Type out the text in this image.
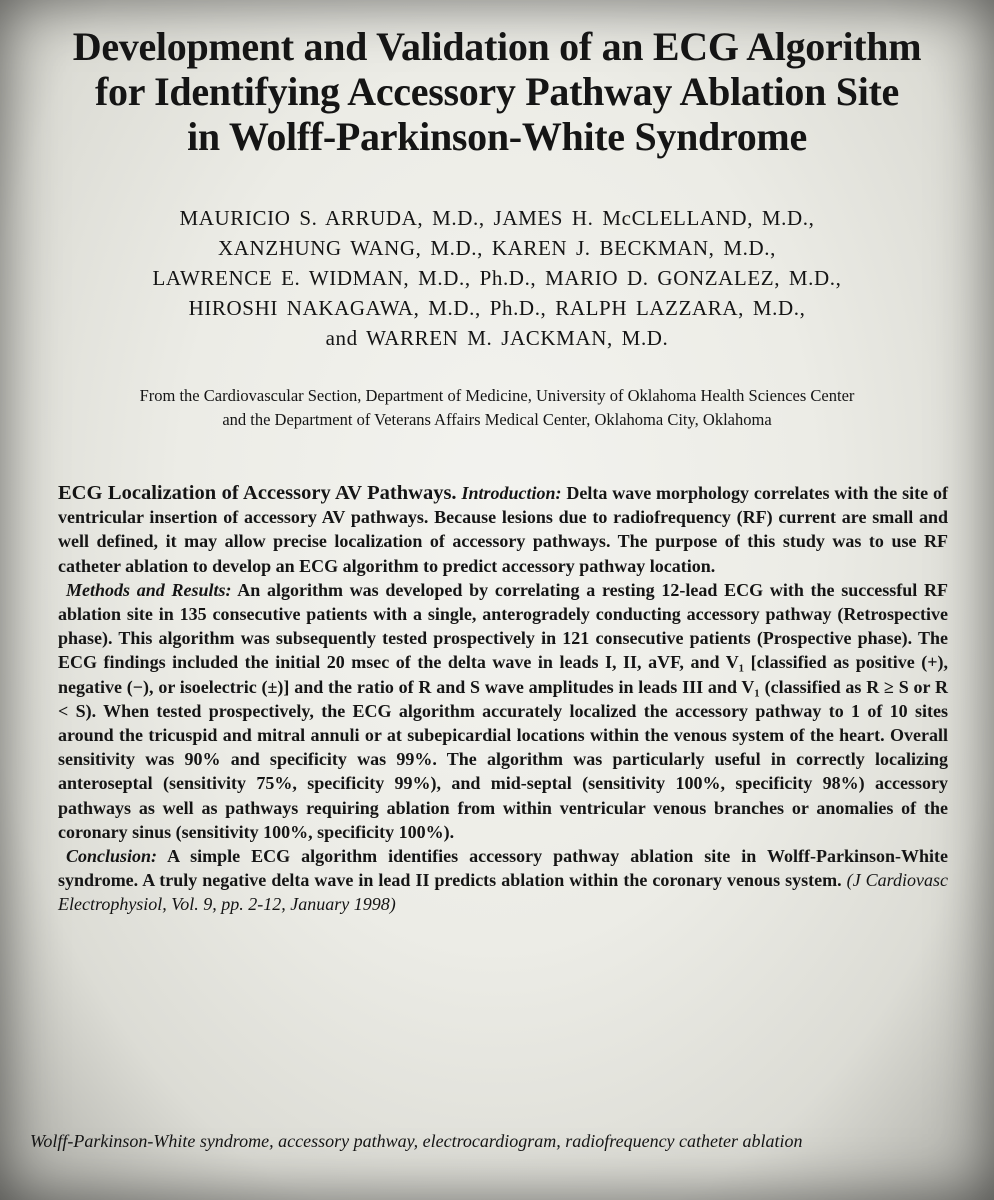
Development and Validation of an ECG Algorithm
for Identifying Accessory Pathway Ablation Site
in Wolff-Parkinson-White Syndrome
MAURICIO S. ARRUDA, M.D., JAMES H. McCLELLAND, M.D.,
XANZHUNG WANG, M.D., KAREN J. BECKMAN, M.D.,
LAWRENCE E. WIDMAN, M.D., Ph.D., MARIO D. GONZALEZ, M.D.,
HIROSHI NAKAGAWA, M.D., Ph.D., RALPH LAZZARA, M.D.,
and WARREN M. JACKMAN, M.D.
From the Cardiovascular Section, Department of Medicine, University of Oklahoma Health Sciences Center
and the Department of Veterans Affairs Medical Center, Oklahoma City, Oklahoma

ECG Localization of Accessory AV Pathways. Introduction: Delta wave morphology correlates with the site of ventricular insertion of accessory AV pathways. Because lesions due to radiofrequency (RF) current are small and well defined, it may allow precise localization of accessory pathways. The purpose of this study was to use RF catheter ablation to develop an ECG algorithm to predict accessory pathway location.

Methods and Results: An algorithm was developed by correlating a resting 12-lead ECG with the successful RF ablation site in 135 consecutive patients with a single, anterogradely conducting accessory pathway (Retrospective phase). This algorithm was subsequently tested prospectively in 121 consecutive patients (Prospective phase). The ECG findings included the initial 20 msec of the delta wave in leads I, II, aVF, and V₁ [classified as positive (+), negative (−), or isoelectric (±)] and the ratio of R and S wave amplitudes in leads III and V₁ (classified as R ≥ S or R < S). When tested prospectively, the ECG algorithm accurately localized the accessory pathway to 1 of 10 sites around the tricuspid and mitral annuli or at subepicardial locations within the venous system of the heart. Overall sensitivity was 90% and specificity was 99%. The algorithm was particularly useful in correctly localizing anteroseptal (sensitivity 75%, specificity 99%), and mid-septal (sensitivity 100%, specificity 98%) accessory pathways as well as pathways requiring ablation from within ventricular venous branches or anomalies of the coronary sinus (sensitivity 100%, specificity 100%).

Conclusion: A simple ECG algorithm identifies accessory pathway ablation site in Wolff-Parkinson-White syndrome. A truly negative delta wave in lead II predicts ablation within the coronary venous system. (J Cardiovasc Electrophysiol, Vol. 9, pp. 2-12, January 1998)

Wolff-Parkinson-White syndrome, accessory pathway, electrocardiogram, radiofrequency catheter ablation
